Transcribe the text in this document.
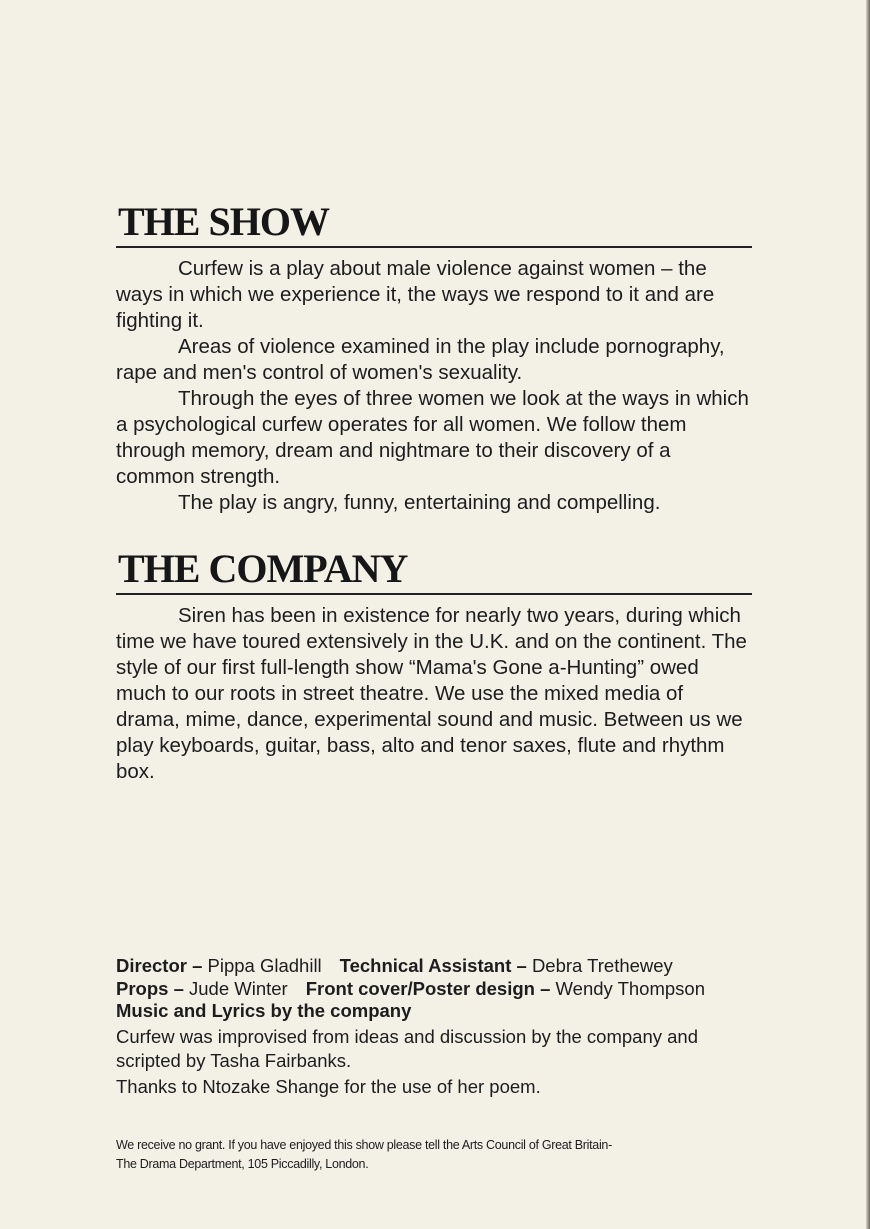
THE SHOW

Curfew is a play about male violence against women – the ways in which we experience it, the ways we respond to it and are fighting it.

Areas of violence examined in the play include pornography, rape and men's control of women's sexuality.

Through the eyes of three women we look at the ways in which a psychological curfew operates for all women. We follow them through memory, dream and nightmare to their discovery of a common strength.

The play is angry, funny, entertaining and compelling.

THE COMPANY

Siren has been in existence for nearly two years, during which time we have toured extensively in the U.K. and on the continent. The style of our first full-length show “Mama's Gone a-Hunting” owed much to our roots in street theatre. We use the mixed media of drama, mime, dance, experimental sound and music. Between us we play keyboards, guitar, bass, alto and tenor saxes, flute and rhythm box.

Director – Pippa Gladhill Technical Assistant – Debra Trethewey
Props – Jude Winter Front cover/Poster design – Wendy Thompson
Music and Lyrics by the company
Curfew was improvised from ideas and discussion by the company and scripted by Tasha Fairbanks.
Thanks to Ntozake Shange for the use of her poem.
We receive no grant. If you have enjoyed this show please tell the Arts Council of Great Britain-
The Drama Department, 105 Piccadilly, London.
